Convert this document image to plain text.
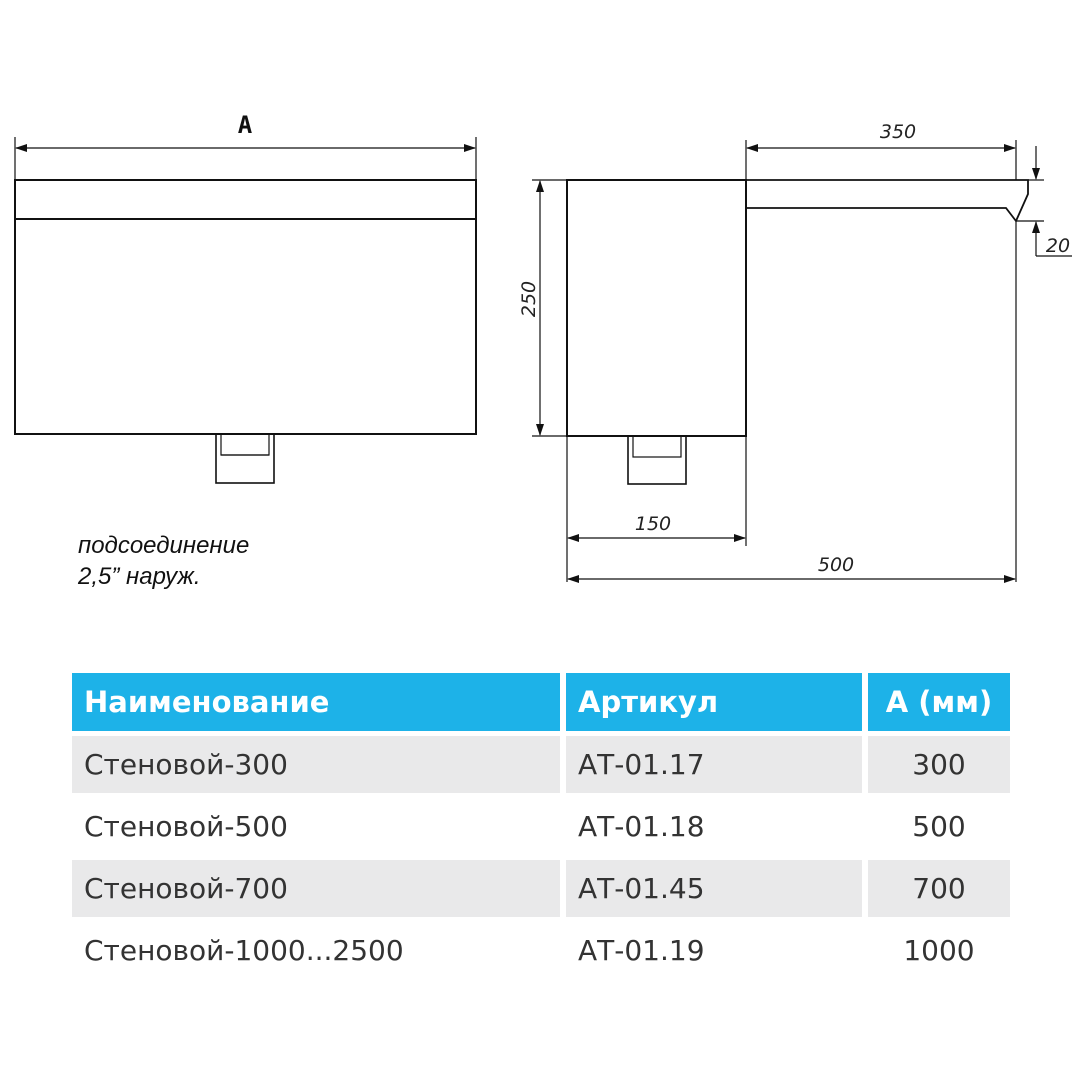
A	350
250
20
150
500
подсоединение
2,5” наруж.
Наименование	Артикул	A (мм)
Стеновой-300	АТ-01.17	300
Стеновой-500	АТ-01.18	500
Стеновой-700	АТ-01.45	700
Стеновой-1000...2500	АТ-01.19	1000
